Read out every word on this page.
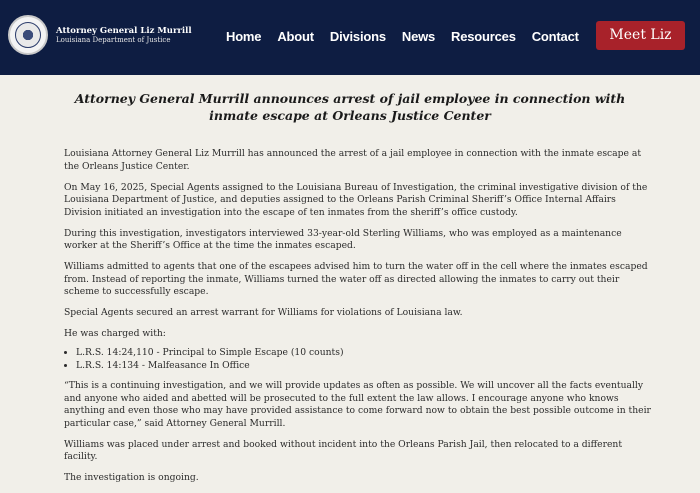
Attorney General Liz Murrill
Louisiana Department of Justice	Home About Divisions News Resources Contact	Meet Liz
Attorney General Murrill announces arrest of jail employee in connection with inmate escape at Orleans Justice Center

Louisiana Attorney General Liz Murrill has announced the arrest of a jail employee in connection with the inmate escape at the Orleans Justice Center.

On May 16, 2025, Special Agents assigned to the Louisiana Bureau of Investigation, the criminal investigative division of the Louisiana Department of Justice, and deputies assigned to the Orleans Parish Criminal Sheriff’s Office Internal Affairs Division initiated an investigation into the escape of ten inmates from the sheriff’s office custody.

During this investigation, investigators interviewed 33-year-old Sterling Williams, who was employed as a maintenance worker at the Sheriff’s Office at the time the inmates escaped.

Williams admitted to agents that one of the escapees advised him to turn the water off in the cell where the inmates escaped from. Instead of reporting the inmate, Williams turned the water off as directed allowing the inmates to carry out their scheme to successfully escape.

Special Agents secured an arrest warrant for Williams for violations of Louisiana law.

He was charged with:

• L.R.S. 14:24,110 - Principal to Simple Escape (10 counts)
• L.R.S. 14:134 - Malfeasance In Office

“This is a continuing investigation, and we will provide updates as often as possible. We will uncover all the facts eventually and anyone who aided and abetted will be prosecuted to the full extent the law allows. I encourage anyone who knows anything and even those who may have provided assistance to come forward now to obtain the best possible outcome in their particular case,” said Attorney General Murrill.

Williams was placed under arrest and booked without incident into the Orleans Parish Jail, then relocated to a different facility.

The investigation is ongoing.
